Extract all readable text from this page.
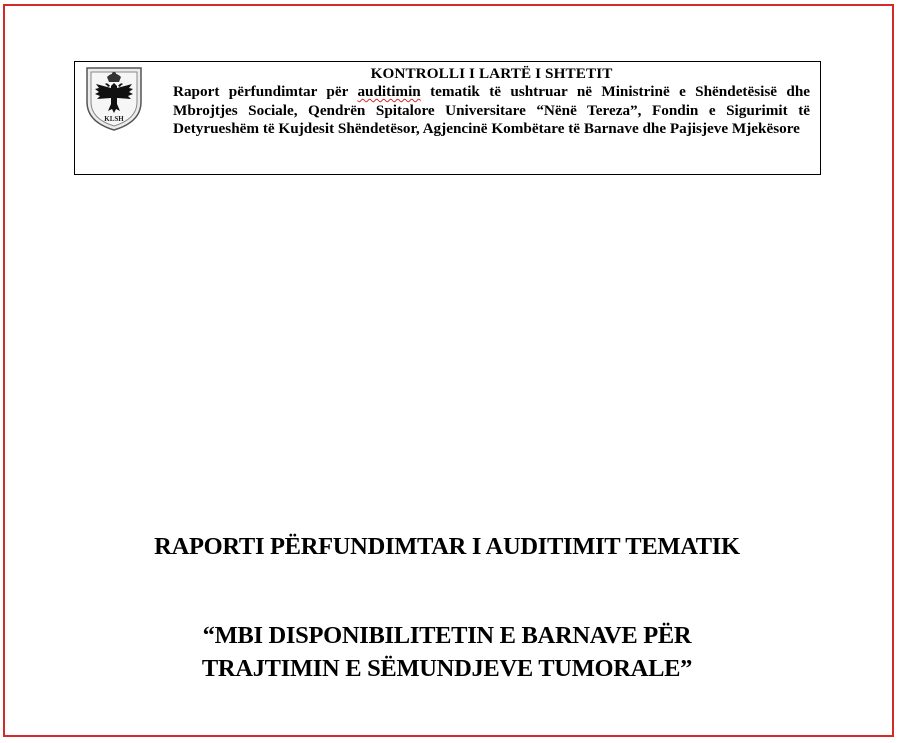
KLSH
KONTROLLI I LARTË I SHTETIT
Raport përfundimtar për auditimin tematik të ushtruar në Ministrinë e Shëndetësisë dhe Mbrojtjes Sociale, Qendrën Spitalore Universitare “Nënë Tereza”, Fondin e Sigurimit të Detyrueshëm të Kujdesit Shëndetësor, Agjencinë Kombëtare të Barnave dhe Pajisjeve Mjekësore
RAPORTI PËRFUNDIMTAR I AUDITIMIT TEMATIK
“MBI DISPONIBILITETIN E BARNAVE PËR
TRAJTIMIN E SËMUNDJEVE TUMORALE”
